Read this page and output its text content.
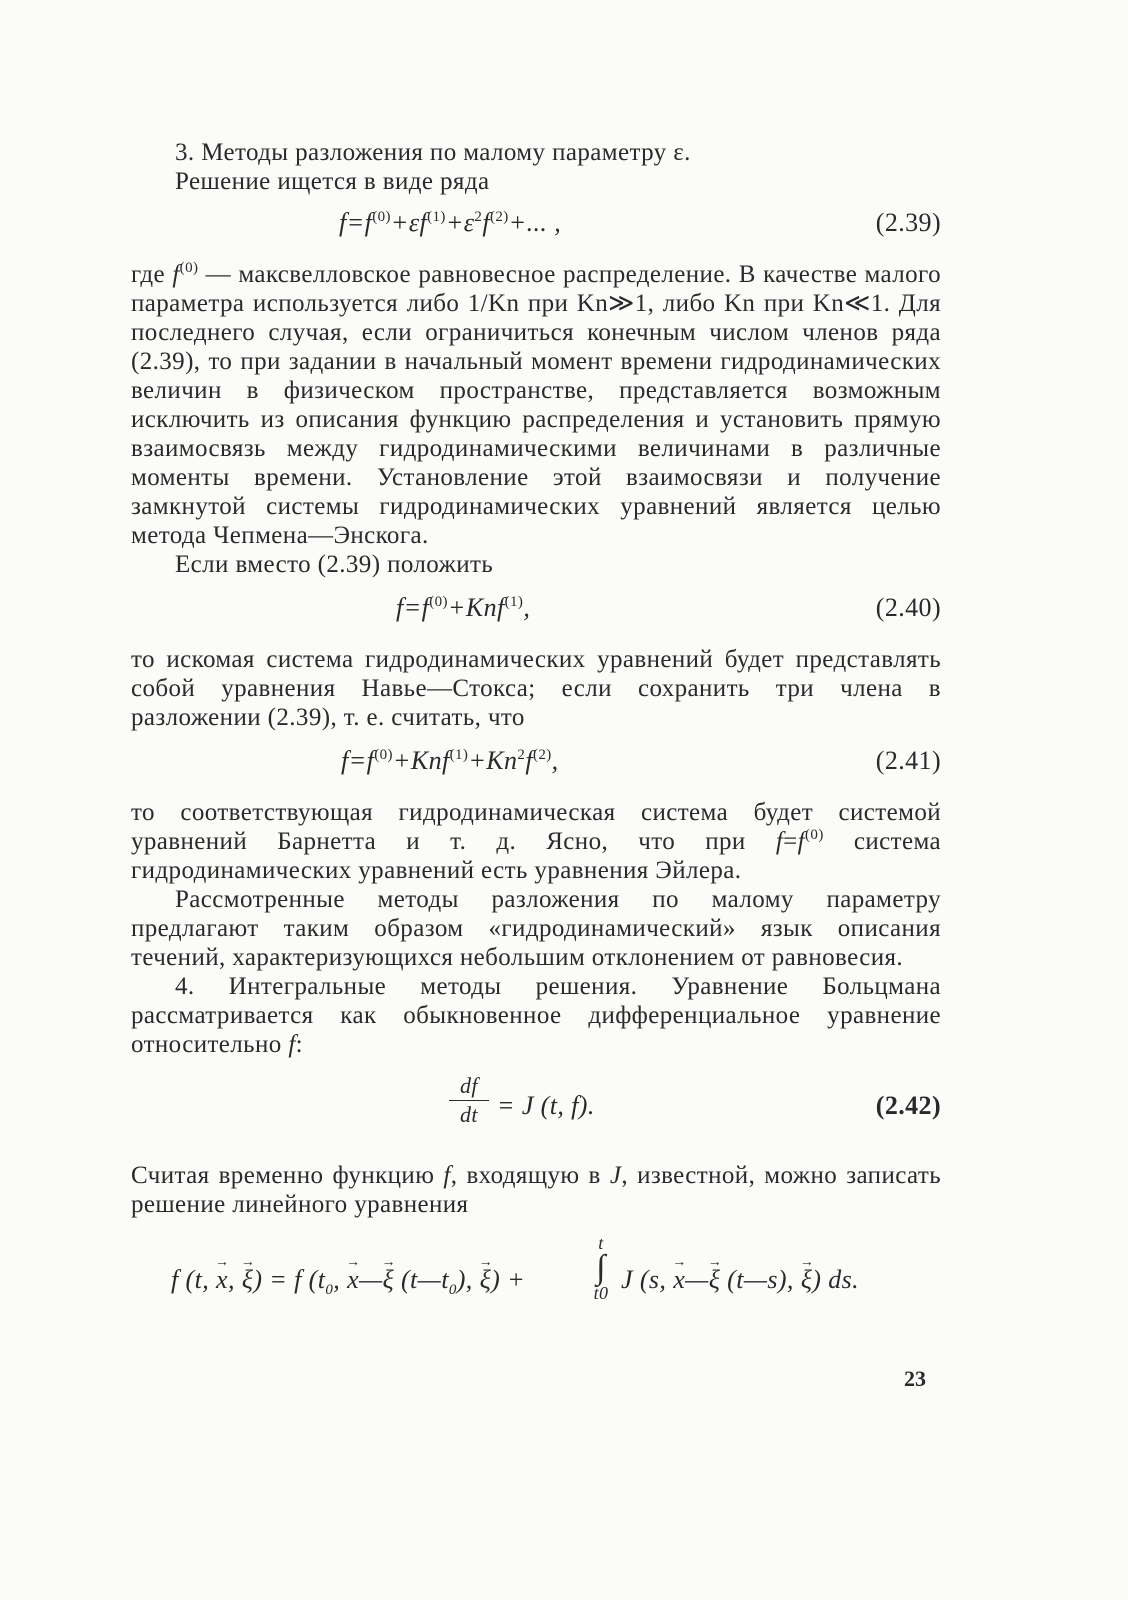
3. Методы разложения по малому параметру ε.

Решение ищется в виде ряда

$f=f^{(0)}+\varepsilon f^{(1)}+\varepsilon^2f^{(2)}+$... ,	(2.39)

где $f^{(0)}$ — максвелловское равновесное распределение. В качестве малого параметра используется либо 1/Kn при Kn≫1, либо Kn при Kn≪1. Для последнего случая, если ограничиться конечным числом членов ряда (2.39), то при задании в начальный момент времени гидродинамических величин в физическом пространстве, представляется возможным исключить из описания функцию распределения и установить прямую взаимосвязь между гидродинамическими величинами в различные моменты времени. Установление этой взаимосвязи и получение замкнутой системы гидродинамических уравнений является целью метода Чепмена—Энскога.

Если вместо (2.39) положить

$f=f^{(0)}+Knf^{(1)}$,	(2.40)

то искомая система гидродинамических уравнений будет представлять собой уравнения Навье—Стокса; если сохранить три члена в разложении (2.39), т. е. считать, что

$f=f^{(0)}+Knf^{(1)}+Kn^2f^{(2)}$,	(2.41)

то соответствующая гидродинамическая система будет системой уравнений Барнетта и т. д. Ясно, что при $f=f^{(0)}$ система гидродинамических уравнений есть уравнения Эйлера.

Рассмотренные методы разложения по малому параметру предлагают таким образом «гидродинамический» язык описания течений, характеризующихся небольшим отклонением от равновесия.

4. Интегральные методы решения. Уравнение Больцмана рассматривается как обыкновенное дифференциальное уравнение относительно f:

df
dt = J (t, f).	(2.42)

Считая временно функцию f, входящую в J, известной, можно записать решение линейного уравнения

f (t, → x, → ξ) = f ($t_0$, → x—→ ξ $(t—t_0)$, → ξ) +
t
∫
t0 J (s, → x—→ ξ (t—s), → ξ) ds.
23
